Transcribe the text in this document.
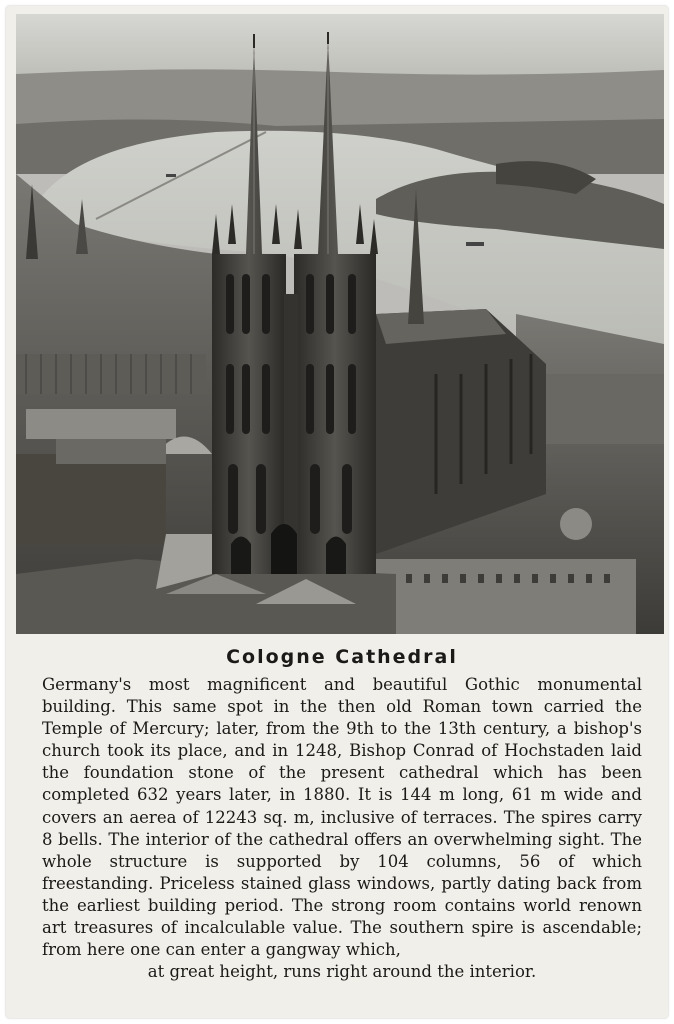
Cologne Cathedral

Germany's most magnificent and beautiful Gothic monumental building. This same spot in the then old Roman town carried the Temple of Mercury; later, from the 9th to the 13th century, a bishop's church took its place, and in 1248, Bishop Conrad of Hochstaden laid the foundation stone of the present cathedral which has been completed 632 years later, in 1880. It is 144 m long, 61 m wide and covers an aerea of 12243 sq. m, inclusive of terraces. The spires carry 8 bells. The interior of the cathedral offers an overwhelming sight. The whole structure is supported by 104 columns, 56 of which freestanding. Priceless stained glass windows, partly dating back from the earliest building period. The strong room contains world renown art treasures of incalculable value. The southern spire is ascendable; from here one can enter a gangway which,
at great height, runs right around the interior.
